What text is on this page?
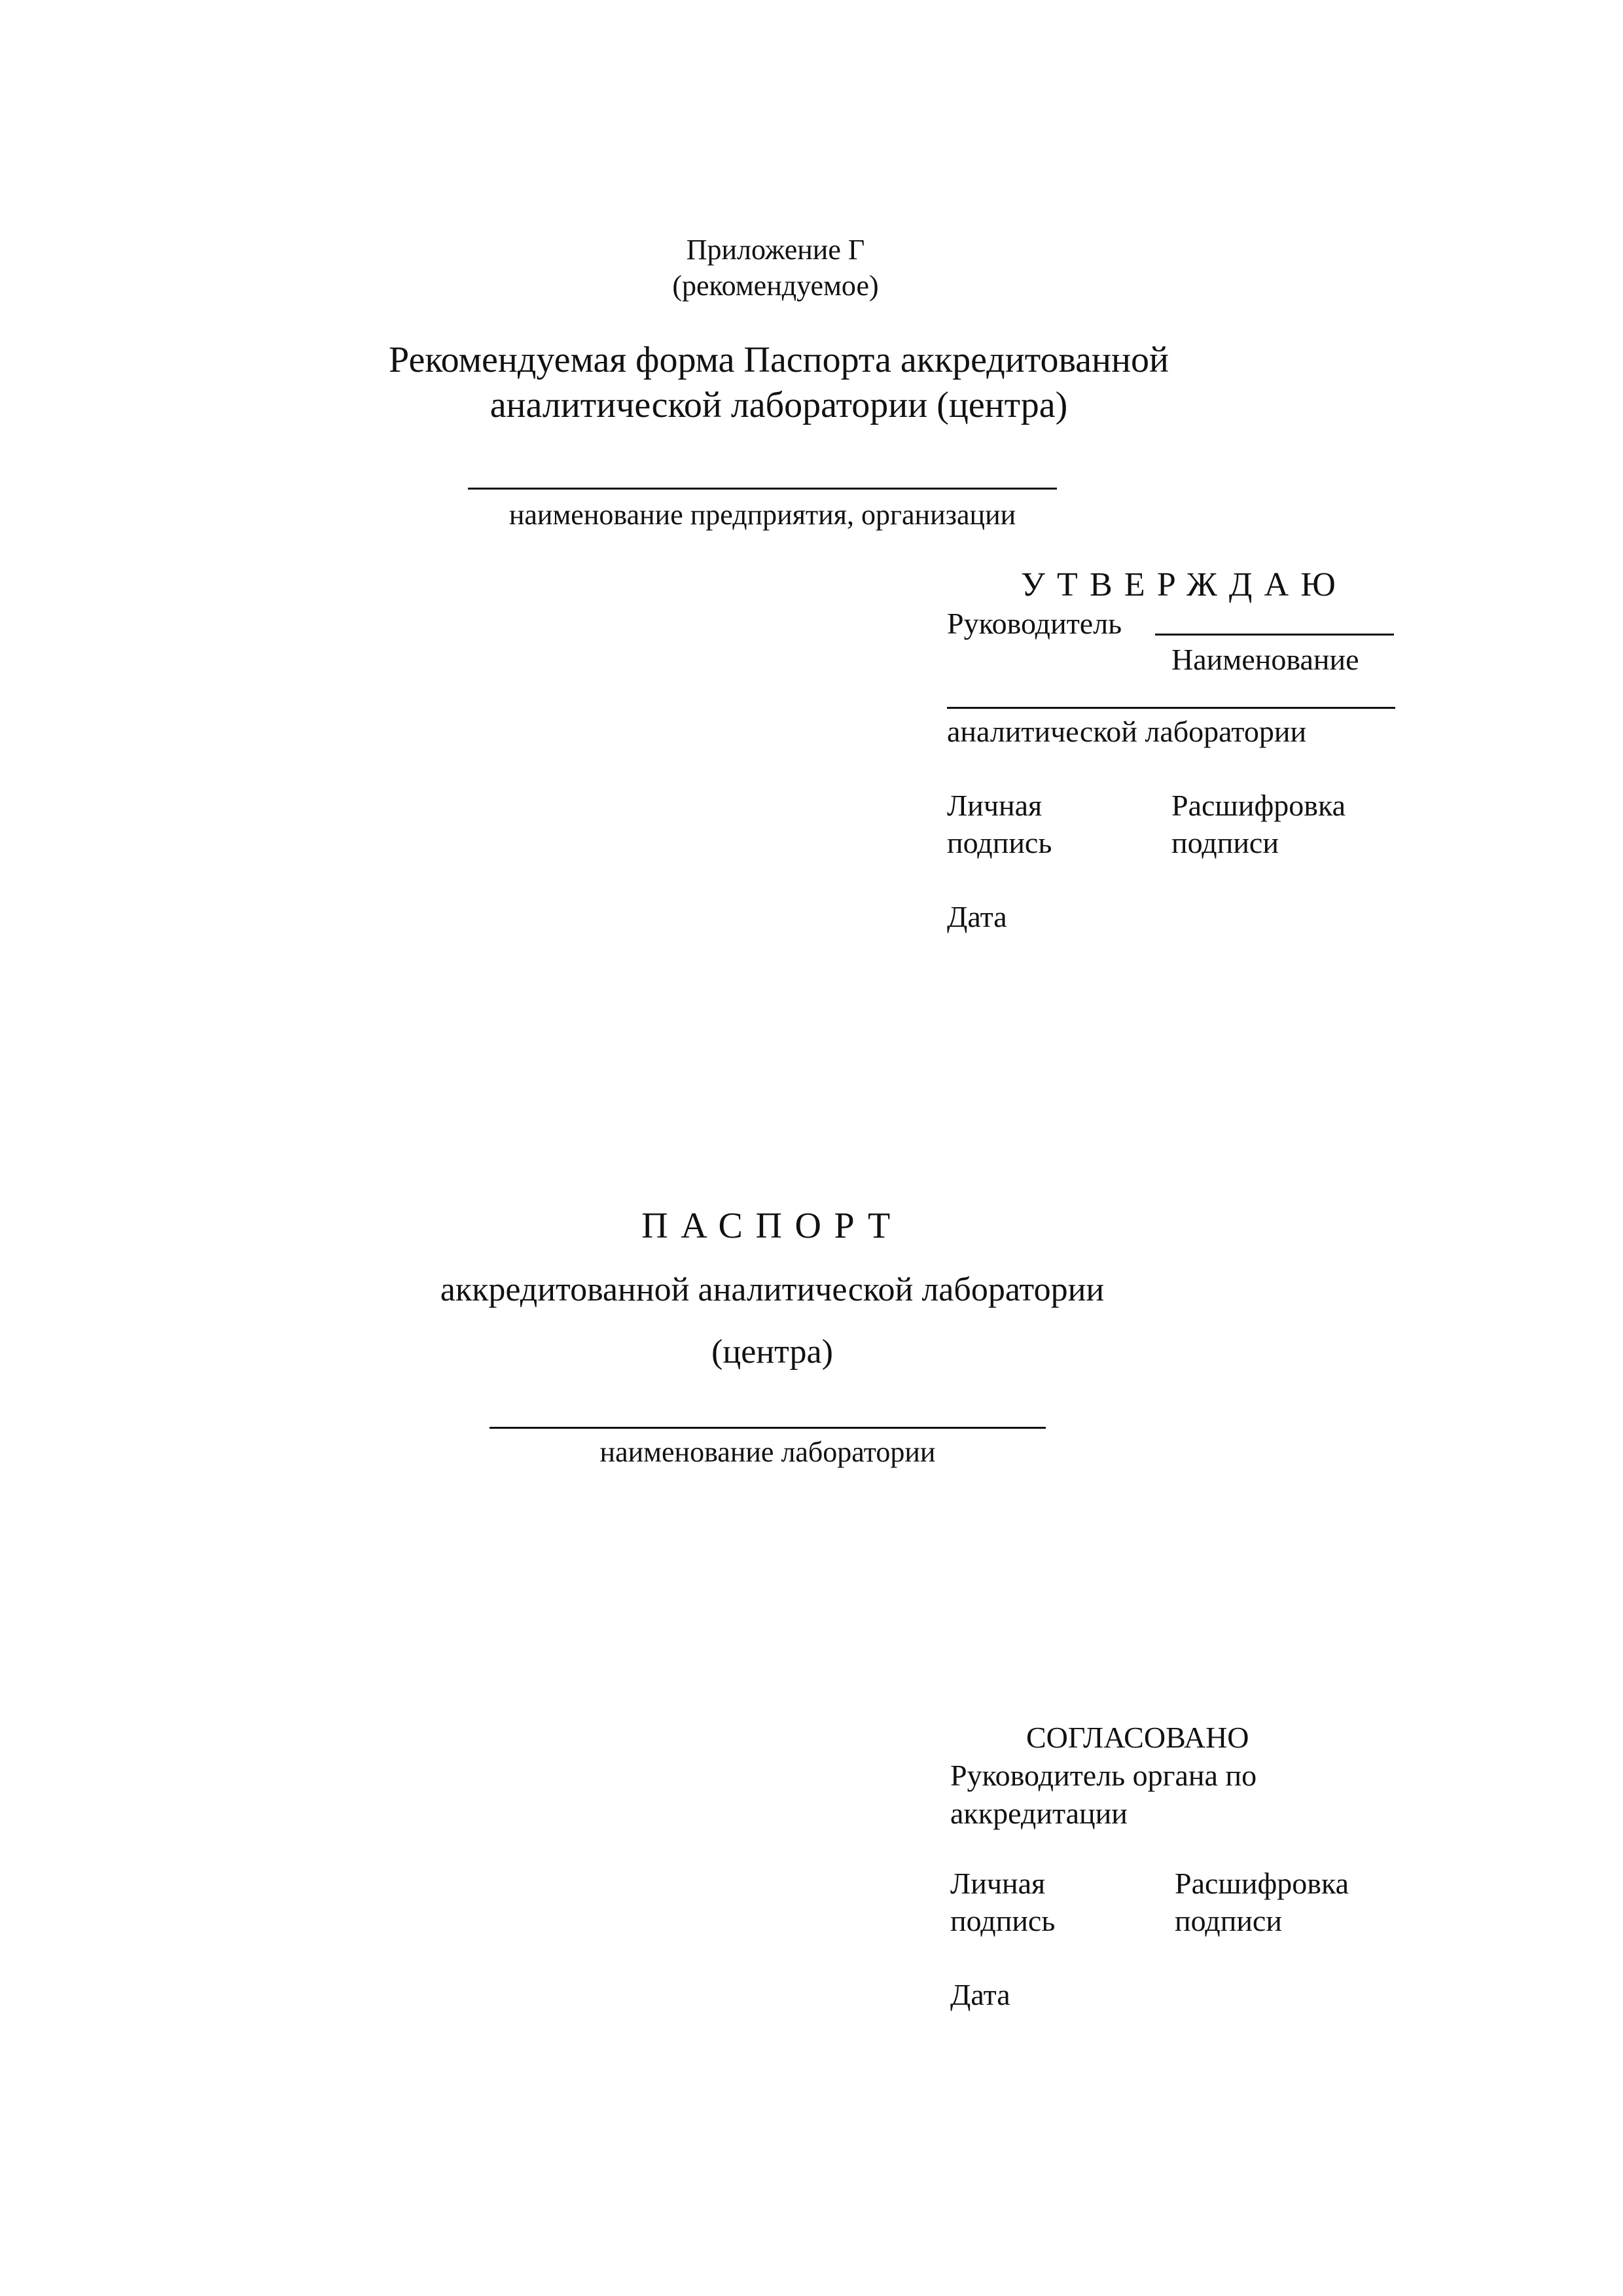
Приложение Г
(рекомендуемое)
Рекомендуемая форма Паспорта аккредитованной
аналитической лаборатории (центра)
наименование предприятия, организации
УТВЕРЖДАЮ
Руководитель
Наименование
аналитической лаборатории
Личная
подпись
Расшифровка
подписи
Дата
ПАСПОРТ
аккредитованной аналитической лаборатории
(центра)
наименование лаборатории
СОГЛАСОВАНО
Руководитель органа по
аккредитации
Личная
подпись
Расшифровка
подписи
Дата
